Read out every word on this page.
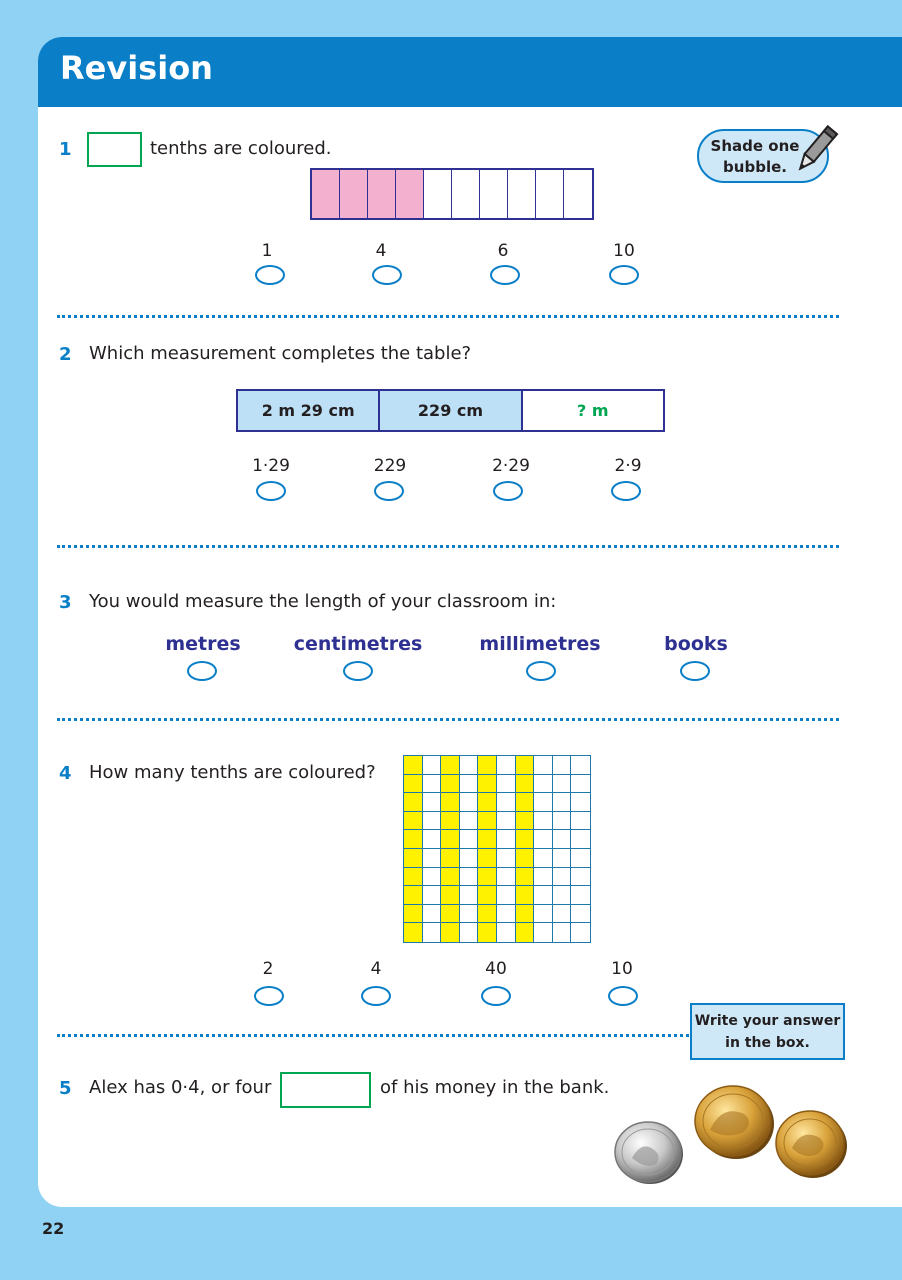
Revision
Shade one
bubble.
1	tenths are coloured.
1	4	6	10
2 Which measurement completes the table?
2 m 29 cm	229 cm	? m
1·29	229	2·29	2·9
3 You would measure the length of your classroom in:
metres	centimetres	millimetres	books
4 How many tenths are coloured?
2	4	40	10
Write your answer
in the box.
5 Alex has 0·4, or four	of his money in the bank.
22
